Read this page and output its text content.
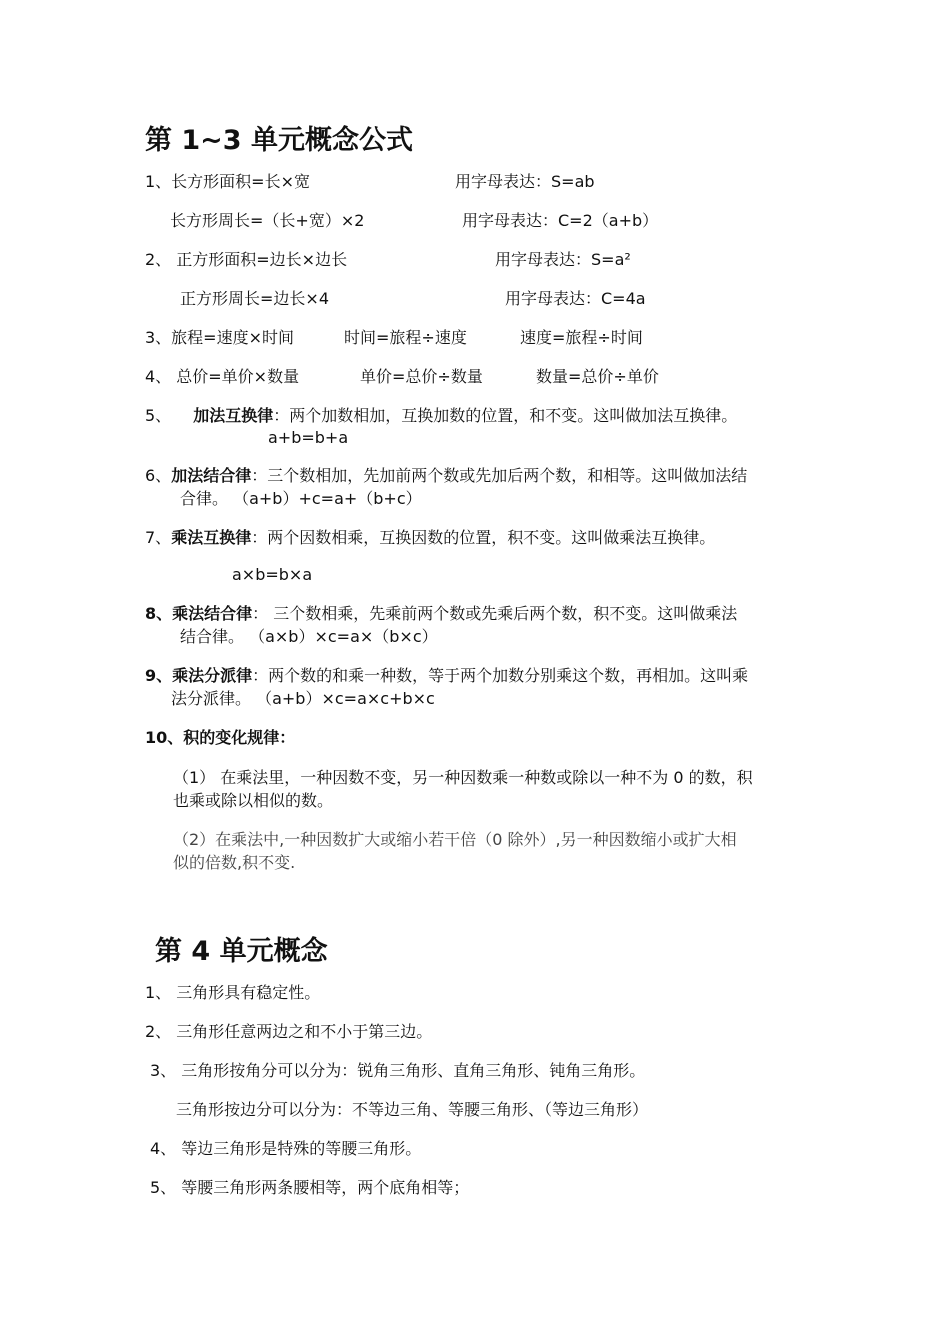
第 1~3 单元概念公式
1、长方形面积=长×宽	用字母表达：S=ab
长方形周长=（长+宽）×2	用字母表达：C=2（a+b）
2、 正方形面积=边长×边长	用字母表达：S=a²
正方形周长=边长×4	用字母表达：C=4a
3、旅程=速度×时间	时间=旅程÷速度	速度=旅程÷时间
4、 总价=单价×数量	单价=总价÷数量	数量=总价÷单价
5、 加法互换律：两个加数相加，互换加数的位置，和不变。这叫做加法互换律。
a+b=b+a
6、加法结合律：三个数相加，先加前两个数或先加后两个数，和相等。这叫做加法结
合律。 （a+b）+c=a+（b+c）
7、乘法互换律：两个因数相乘，互换因数的位置，积不变。这叫做乘法互换律。
a×b=b×a
8、乘法结合律： 三个数相乘，先乘前两个数或先乘后两个数，积不变。这叫做乘法
结合律。 （a×b）×c=a×（b×c）
9、乘法分派律：两个数的和乘一种数，等于两个加数分别乘这个数，再相加。这叫乘
法分派律。 （a+b）×c=a×c+b×c
10、积的变化规律：
（1） 在乘法里，一种因数不变，另一种因数乘一种数或除以一种不为 0 的数，积
也乘或除以相似的数。
（2）在乘法中,一种因数扩大或缩小若干倍（0 除外）,另一种因数缩小或扩大相
似的倍数,积不变.
第 4 单元概念
1、 三角形具有稳定性。
2、 三角形任意两边之和不小于第三边。
3、 三角形按角分可以分为：锐角三角形、直角三角形、钝角三角形。
三角形按边分可以分为：不等边三角、等腰三角形、（等边三角形）
4、 等边三角形是特殊的等腰三角形。
5、 等腰三角形两条腰相等，两个底角相等；
